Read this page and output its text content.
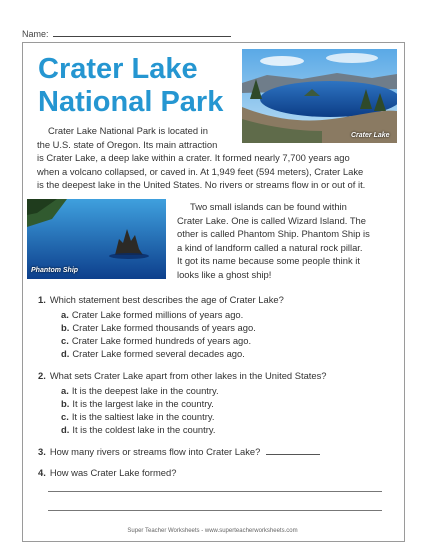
Name:
Crater Lake
National Park
Crater Lake
Crater Lake National Park is located in
the U.S. state of Oregon. Its main attraction
is Crater Lake, a deep lake within a crater. It formed nearly 7,700 years ago
when a volcano collapsed, or caved in. At 1,949 feet (594 meters), Crater Lake
is the deepest lake in the United States. No rivers or streams flow in or out of it.
Phantom Ship
Two small islands can be found within
Crater Lake. One is called Wizard Island. The
other is called Phantom Ship. Phantom Ship is
a kind of landform called a natural rock pillar.
It got its name because some people think it
looks like a ghost ship!
1. Which statement best describes the age of Crater Lake?
a. Crater Lake formed millions of years ago.
b. Crater Lake formed thousands of years ago.
c. Crater Lake formed hundreds of years ago.
d. Crater Lake formed several decades ago.
2. What sets Crater Lake apart from other lakes in the United States?
a. It is the deepest lake in the country.
b. It is the largest lake in the country.
c. It is the saltiest lake in the country.
d. It is the coldest lake in the country.
3. How many rivers or streams flow into Crater Lake?
4. How was Crater Lake formed?
Super Teacher Worksheets - www.superteacherworksheets.com
